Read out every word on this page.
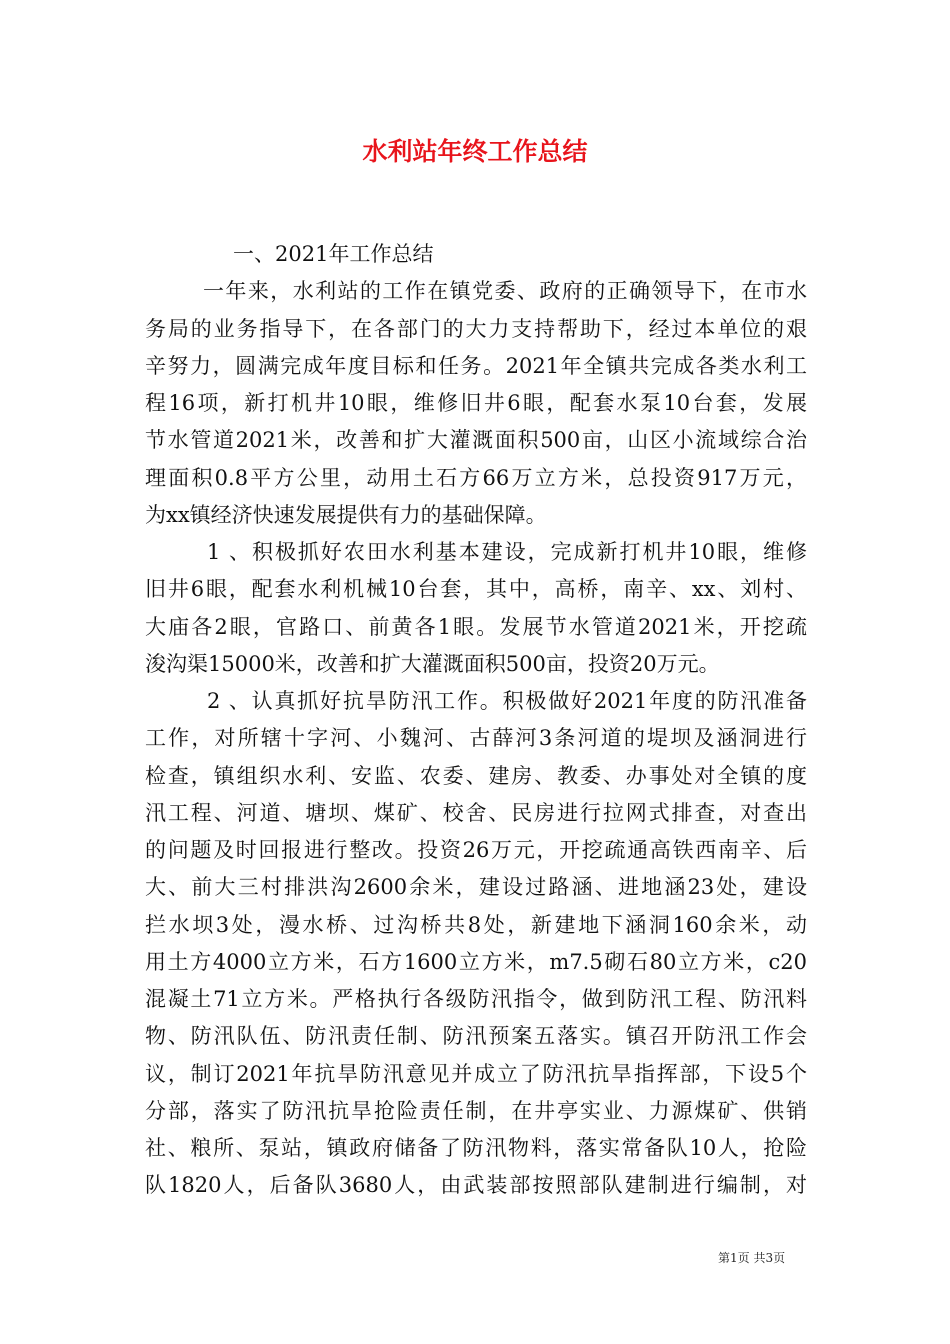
水利站年终工作总结
一、2021年工作总结
一年来，水利站的工作在镇党委、政府的正确领导下，在市水
务局的业务指导下，在各部门的大力支持帮助下，经过本单位的艰
辛努力，圆满完成年度目标和任务。2021年全镇共完成各类水利工
程16项，新打机井10眼，维修旧井6眼，配套水泵10台套，发展
节水管道2021米，改善和扩大灌溉面积500亩，山区小流域综合治
理面积0.8平方公里，动用土石方66万立方米，总投资917万元，
为xx镇经济快速发展提供有力的基础保障。
1 、积极抓好农田水利基本建设，完成新打机井10眼，维修
旧井6眼，配套水利机械10台套，其中，高桥，南辛、xx、刘村、
大庙各2眼，官路口、前黄各1眼。发展节水管道2021米，开挖疏
浚沟渠15000米，改善和扩大灌溉面积500亩，投资20万元。
2 、认真抓好抗旱防汛工作。积极做好2021年度的防汛准备
工作，对所辖十字河、小魏河、古薛河3条河道的堤坝及涵洞进行
检查，镇组织水利、安监、农委、建房、教委、办事处对全镇的度
汛工程、河道、塘坝、煤矿、校舍、民房进行拉网式排查，对查出
的问题及时回报进行整改。投资26万元，开挖疏通高铁西南辛、后
大、前大三村排洪沟2600余米，建设过路涵、进地涵23处，建设
拦水坝3处，漫水桥、过沟桥共8处，新建地下涵洞160余米，动
用土方4000立方米，石方1600立方米，m7.5砌石80立方米，c20
混凝土71立方米。严格执行各级防汛指令，做到防汛工程、防汛料
物、防汛队伍、防汛责任制、防汛预案五落实。镇召开防汛工作会
议，制订2021年抗旱防汛意见并成立了防汛抗旱指挥部，下设5个
分部，落实了防汛抗旱抢险责任制，在井亭实业、力源煤矿、供销
社、粮所、泵站，镇政府储备了防汛物料，落实常备队10人，抢险
队1820人，后备队3680人，由武装部按照部队建制进行编制，对
第1页 共3页
